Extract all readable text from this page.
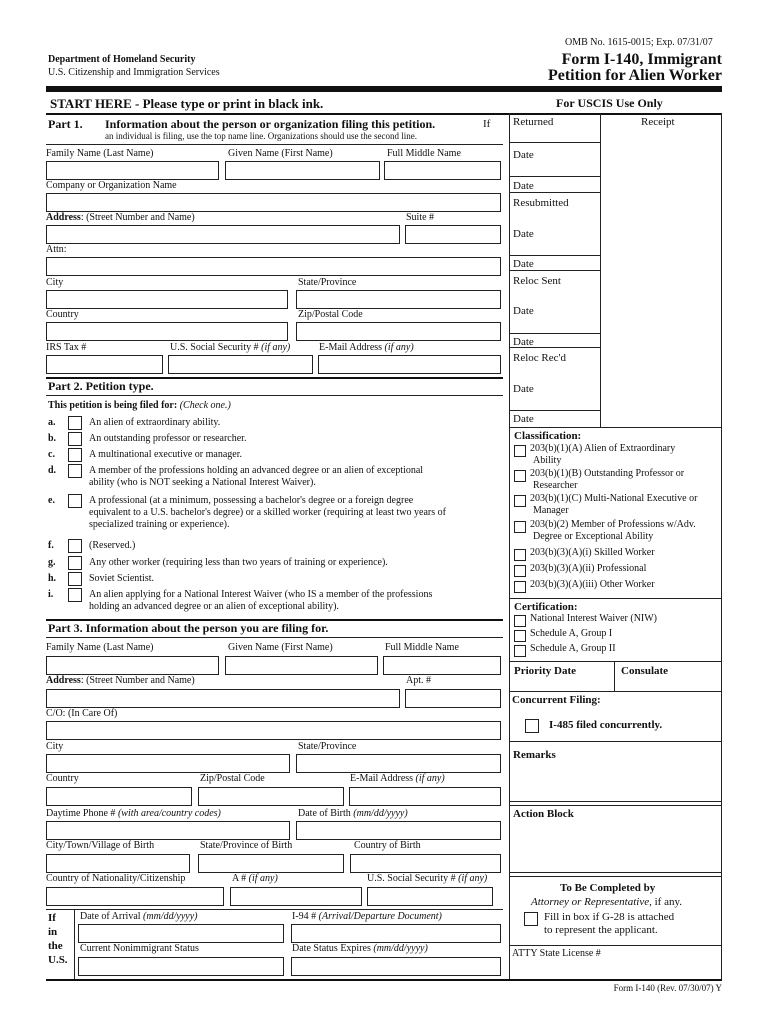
OMB No. 1615-0015; Exp. 07/31/07
Department of Homeland Security
U.S. Citizenship and Immigration Services
Form I-140, Immigrant
Petition for Alien Worker
START HERE - Please type or print in black ink.	For USCIS Use Only
Part 1. Information about the person or organization filing this petition.	If
an individual is filing, use the top name line. Organizations should use the second line.
Family Name (Last Name)	Given Name (First Name)	Full Middle Name
Company or Organization Name
Address: (Street Number and Name)	Suite #
Attn:
City	State/Province
Country	Zip/Postal Code
IRS Tax #	U.S. Social Security # (if any)	E-Mail Address (if any)
Part 2. Petition type.
This petition is being filed for: (Check one.)
a.	An alien of extraordinary ability.
b.	An outstanding professor or researcher.
c.	A multinational executive or manager.
d.	A member of the professions holding an advanced degree or an alien of exceptional
ability (who is NOT seeking a National Interest Waiver).
e.	A professional (at a minimum, possessing a bachelor's degree or a foreign degree
equivalent to a U.S. bachelor's degree) or a skilled worker (requiring at least two years of
specialized training or experience).
f.	(Reserved.)
g.	Any other worker (requiring less than two years of training or experience).
h.	Soviet Scientist.
i.	An alien applying for a National Interest Waiver (who IS a member of the professions
holding an advanced degree or an alien of exceptional ability).
Part 3. Information about the person you are filing for.
Family Name (Last Name)	Given Name (First Name)	Full Middle Name
Address: (Street Number and Name)	Apt. #
C/O: (In Care Of)
City	State/Province
Country	Zip/Postal Code	E-Mail Address (if any)
Daytime Phone # (with area/country codes)	Date of Birth (mm/dd/yyyy)
City/Town/Village of Birth	State/Province of Birth	Country of Birth
Country of Nationality/Citizenship	A # (if any)	U.S. Social Security # (if any)
If
in
the
U.S.
Date of Arrival (mm/dd/yyyy)	I-94 # (Arrival/Departure Document)
Current Nonimmigrant Status	Date Status Expires (mm/dd/yyyy)
Form I-140 (Rev. 07/30/07) Y
Returned	Receipt
Date
Date
Resubmitted
Date
Date
Reloc Sent
Date
Date
Reloc Rec'd
Date
Date
Classification:
203(b)(1)(A) Alien of Extraordinary
Ability
203(b)(1)(B) Outstanding Professor or
Researcher
203(b)(1)(C) Multi-National Executive or
Manager
203(b)(2) Member of Professions w/Adv.
Degree or Exceptional Ability
203(b)(3)(A)(i) Skilled Worker
203(b)(3)(A)(ii) Professional
203(b)(3)(A)(iii) Other Worker
Certification:
National Interest Waiver (NIW)
Schedule A, Group I
Schedule A, Group II
Priority Date	Consulate
Concurrent Filing:
I-485 filed concurrently.
Remarks
Action Block
To Be Completed by
Attorney or Representative, if any.
Fill in box if G-28 is attached
to represent the applicant.
ATTY State License #
